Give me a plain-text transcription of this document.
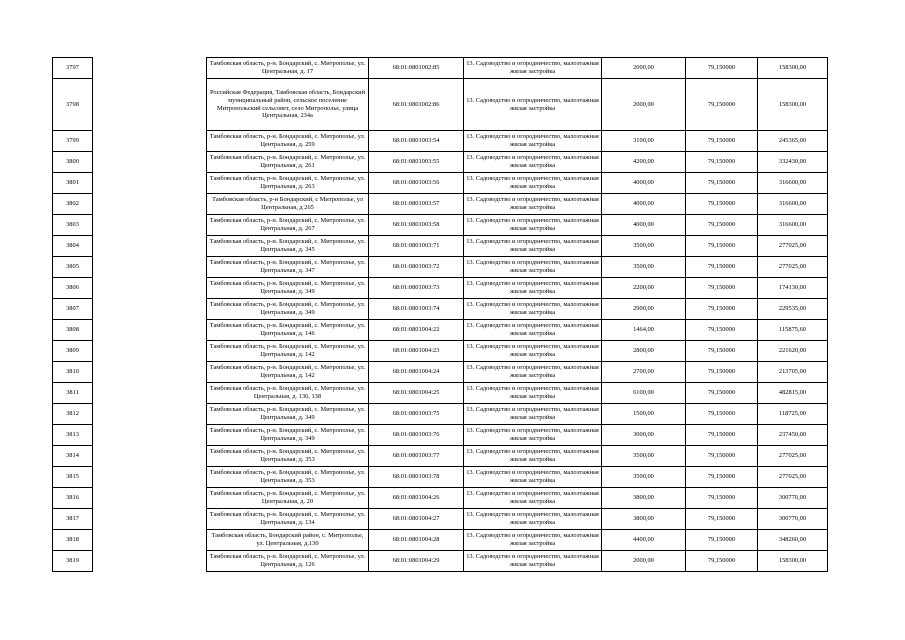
3797		Тамбовская область, р-н. Бондарский, с. Митрополье, ул. Центральная, д. 17	68:01:0801002:85	13. Садоводство и огородничество, малоэтажная жилая застройка	2000,00	79,150000	158300,00
3798		Российская Федерация, Тамбовская область, Бондарский муниципальный район, сельское поселение Митропольский сельсовет, село Митрополье, улица Центральная, 234а	68:01:0801002:86	13. Садоводство и огородничество, малоэтажная жилая застройка	2000,00	79,150000	158300,00
3799		Тамбовская область, р-н. Бондарский, с. Митрополье, ул. Центральная, д. 259	68:01:0801003:54	13. Садоводство и огородничество, малоэтажная жилая застройка	3100,00	79,150000	245365,00
3800		Тамбовская область, р-н. Бондарский, с. Митрополье, ул. Центральная, д. 261	68:01:0801003:55	13. Садоводство и огородничество, малоэтажная жилая застройка	4200,00	79,150000	332430,00
3801		Тамбовская область, р-н. Бондарский, с. Митрополье, ул. Центральная, д. 263	68:01:0801003:56	13. Садоводство и огородничество, малоэтажная жилая застройка	4000,00	79,150000	316600,00
3802		Тамбовская область, р-н Бондарский, с Митрополье, ул Центральная, д 265	68:01:0801003:57	13. Садоводство и огородничество, малоэтажная жилая застройка	4000,00	79,150000	316600,00
3803		Тамбовская область, р-н. Бондарский, с. Митрополье, ул. Центральная, д. 267	68:01:0801003:58	13. Садоводство и огородничество, малоэтажная жилая застройка	4000,00	79,150000	316600,00
3804		Тамбовская область, р-н. Бондарский, с. Митрополье, ул. Центральная, д. 345	68:01:0801003:71	13. Садоводство и огородничество, малоэтажная жилая застройка	3500,00	79,150000	277025,00
3805		Тамбовская область, р-н. Бондарский, с. Митрополье, ул. Центральная, д. 347	68:01:0801003:72	13. Садоводство и огородничество, малоэтажная жилая застройка	3500,00	79,150000	277025,00
3806		Тамбовская область, р-н. Бондарский, с. Митрополье, ул. Центральная, д. 349	68:01:0801003:73	13. Садоводство и огородничество, малоэтажная жилая застройка	2200,00	79,150000	174130,00
3807		Тамбовская область, р-н. Бондарский, с. Митрополье, ул. Центральная, д. 349	68:01:0801003:74	13. Садоводство и огородничество, малоэтажная жилая застройка	2900,00	79,150000	229535,00
3808		Тамбовская область, р-н. Бондарский, с. Митрополье, ул. Центральная, д. 146	68:01:0801004:22	13. Садоводство и огородничество, малоэтажная жилая застройка	1464,00	79,150000	115875,60
3809		Тамбовская область, р-н. Бондарский, с. Митрополье, ул. Центральная, д. 142	68:01:0801004:23	13. Садоводство и огородничество, малоэтажная жилая застройка	2800,00	79,150000	221620,00
3810		Тамбовская область, р-н. Бондарский, с. Митрополье, ул. Центральная, д. 142	68:01:0801004:24	13. Садоводство и огородничество, малоэтажная жилая застройка	2700,00	79,150000	213705,00
3811		Тамбовская область, р-н. Бондарский, с. Митрополье, ул. Центральная, д. 136, 138	68:01:0801004:25	13. Садоводство и огородничество, малоэтажная жилая застройка	6100,00	79,150000	482815,00
3812		Тамбовская область, р-н. Бондарский, с. Митрополье, ул. Центральная, д. 349	68:01:0801003:75	13. Садоводство и огородничество, малоэтажная жилая застройка	1500,00	79,150000	118725,00
3813		Тамбовская область, р-н. Бондарский, с. Митрополье, ул. Центральная, д. 349	68:01:0801003:76	13. Садоводство и огородничество, малоэтажная жилая застройка	3000,00	79,150000	237450,00
3814		Тамбовская область, р-н. Бондарский, с. Митрополье, ул. Центральная, д. 353	68:01:0801003:77	13. Садоводство и огородничество, малоэтажная жилая застройка	3500,00	79,150000	277025,00
3815		Тамбовская область, р-н. Бондарский, с. Митрополье, ул. Центральная, д. 353	68:01:0801003:78	13. Садоводство и огородничество, малоэтажная жилая застройка	3500,00	79,150000	277025,00
3816		Тамбовская область, р-н. Бондарский, с. Митрополье, ул. Центральная, д. 20	68:01:0801004:26	13. Садоводство и огородничество, малоэтажная жилая застройка	3800,00	79,150000	300770,00
3817		Тамбовская область, р-н. Бондарский, с. Митрополье, ул. Центральная, д. 134	68:01:0801004:27	13. Садоводство и огородничество, малоэтажная жилая застройка	3800,00	79,150000	300770,00
3818		Тамбовская область, Бондарский район, с. Митрополье, ул. Центральная, д.130	68:01:0801004:28	13. Садоводство и огородничество, малоэтажная жилая застройка	4400,00	79,150000	348260,00
3819		Тамбовская область, р-н. Бондарский, с. Митрополье, ул. Центральная, д. 126	68:01:0801004:29	13. Садоводство и огородничество, малоэтажная жилая застройка	2000,00	79,150000	158300,00
